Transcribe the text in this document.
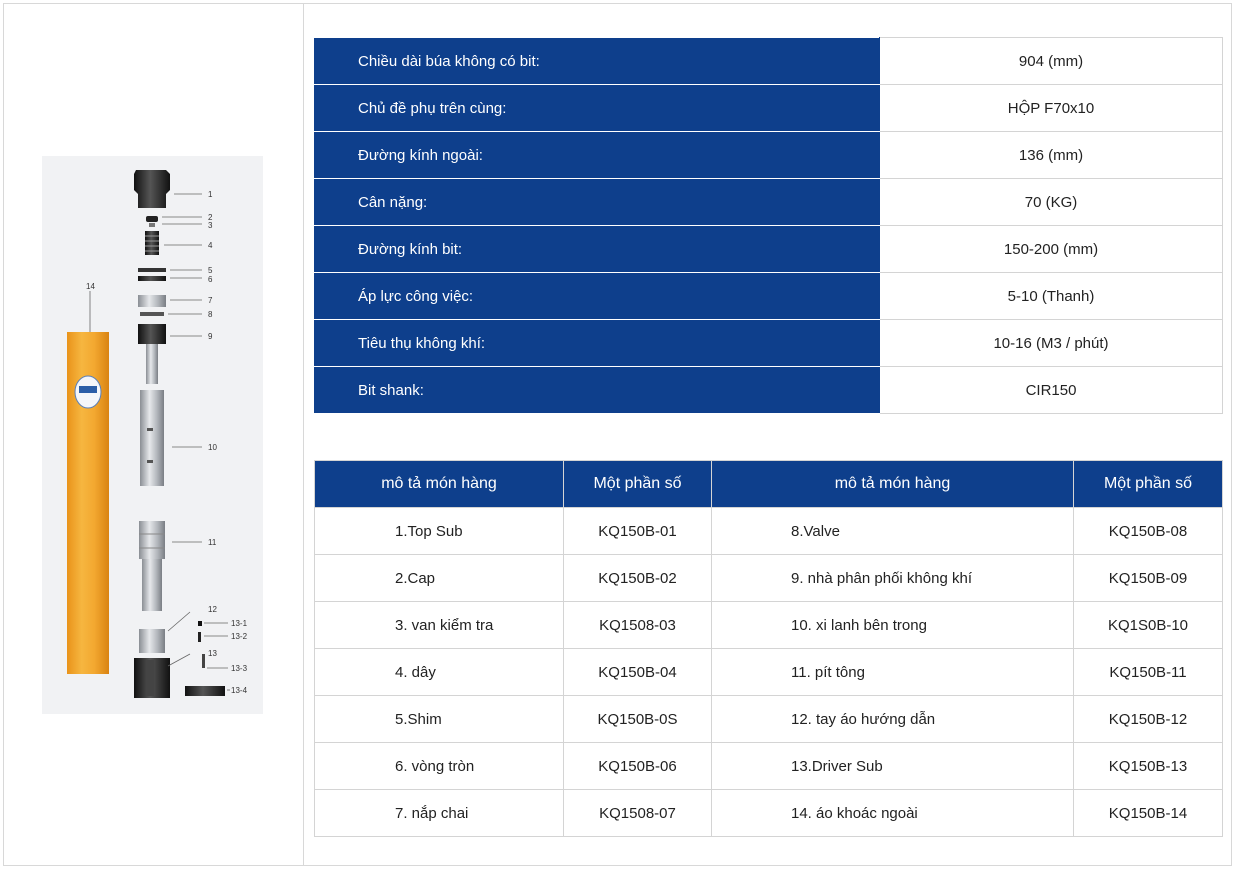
1
2
3
4
5
6
7
8
9
10
11
12
13
13-1
13-2
13-3
13-4
14
Chiều dài búa không có bit:	904 (mm)
Chủ đề phụ trên cùng:	HỘP F70x10
Đường kính ngoài:	136 (mm)
Cân nặng:	70 (KG)
Đường kính bit:	150-200 (mm)
Áp lực công việc:	5-10 (Thanh)
Tiêu thụ không khí:	10-16 (M3 / phút)
Bit shank:	CIR150
mô tả món hàng	Một phần số	mô tả món hàng	Một phần số
1.Top Sub	KQ150B-01	8.Valve	KQ150B-08
2.Cap	KQ150B-02	9. nhà phân phối không khí	KQ150B-09
3. van kiểm tra	KQ1508-03	10. xi lanh bên trong	KQ1S0B-10
4. dây	KQ150B-04	11. pít tông	KQ150B-11
5.Shim	KQ150B-0S	12. tay áo hướng dẫn	KQ150B-12
6. vòng tròn	KQ150B-06	13.Driver Sub	KQ150B-13
7. nắp chai	KQ1508-07	14. áo khoác ngoài	KQ150B-14
